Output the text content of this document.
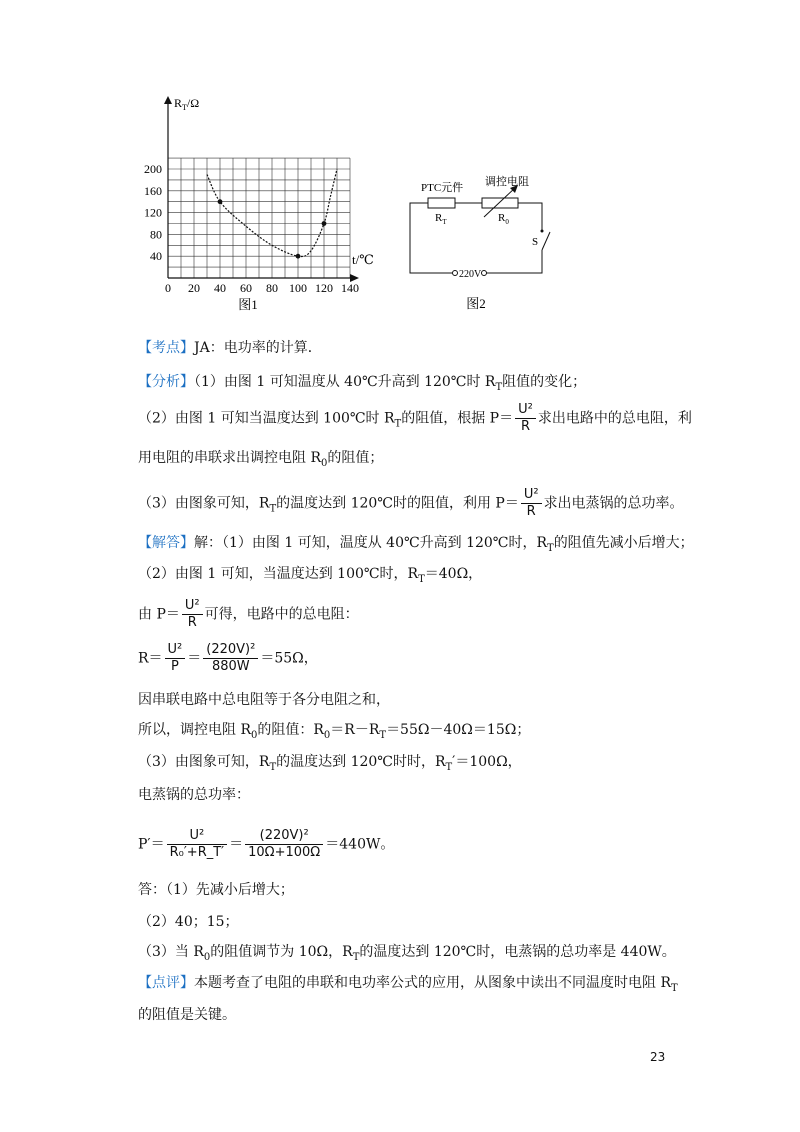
$R_T/\Omega$
t/℃
200
160
120
80
40
0 20 40 60 80 100 120 140
图1
PTC元件
$R_T$
调控电阻
$R_0$
S
220V
图2
【考点】JA：电功率的计算．
【分析】（1）由图 1 可知温度从 40℃升高到 120℃时 $R_T$阻值的变化；
（2）由图 1 可知当温度达到 100℃时 $R_T$的阻值，根据 $P= \frac{\text{U²}}{R}$ 求出电路中的总电阻，利
用电阻的串联求出调控电阻 $R_0$的阻值；
（3）由图象可知，$R_T$的温度达到 120℃时的阻值，利用 $P= \frac{\text{U²}}{R}$ 求出电蒸锅的总功率。
【解答】解：（1）由图 1 可知，温度从 40℃升高到 120℃时，$R_T$的阻值先减小后增大；
（2）由图 1 可知，当温度达到 100℃时，$R_T=40\Omega$，
由 $P= \frac{\text{U²}}{R}$ 可得，电路中的总电阻：
$R= \frac{\text{U²}}{P} = \frac{\text{(220V)²}}{880W} =55\Omega$，
因串联电路中总电阻等于各分电阻之和，
所以，调控电阻 $R_0$的阻值：$R_0=R-R_T=55\Omega-40\Omega=15\Omega$；
（3）由图象可知，$R_T$的温度达到 120℃时时，$R_T'=100\Omega$，
电蒸锅的总功率：
$P'= \frac{\text{U²}}{\text{R₀′+R\_T′}} = \frac{\text{(220V)²}}{10\Omega+100\Omega} =440W$。
答：（1）先减小后增大；
（2）40；15；
（3）当 $R_0$的阻值调节为 10Ω，$R_T$的温度达到 120℃时，电蒸锅的总功率是 440W。
【点评】本题考查了电阻的串联和电功率公式的应用，从图象中读出不同温度时电阻 $R_T$
的阻值是关键。
23
